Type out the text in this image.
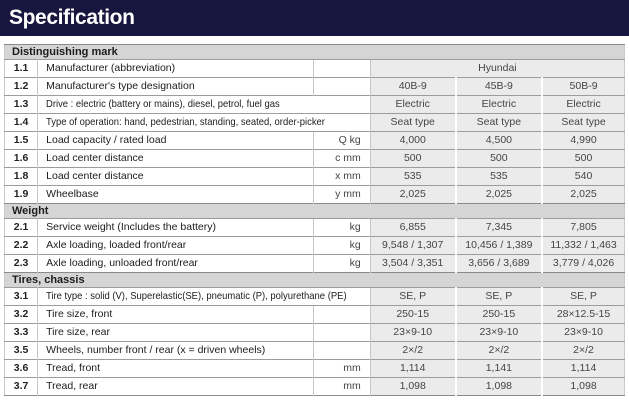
Specification
Distinguishing mark					
1.1	Manufacturer (abbreviation)		Hyundai		
1.2	Manufacturer's type designation		40B-9	45B-9	50B-9
1.3	Drive : electric (battery or mains), diesel, petrol, fuel gas		Electric	Electric	Electric
1.4	Type of operation: hand, pedestrian, standing, seated, order-picker		Seat type	Seat type	Seat type
1.5	Load capacity / rated load	Q kg	4,000	4,500	4,990
1.6	Load center distance	c mm	500	500	500
1.8	Load center distance	x mm	535	535	540
1.9	Wheelbase	y mm	2,025	2,025	2,025
Weight					
2.1	Service weight (Includes the battery)	kg	6,855	7,345	7,805
2.2	Axle loading, loaded front/rear	kg	9,548 / 1,307	10,456 / 1,389	11,332 / 1,463
2.3	Axle loading, unloaded front/rear	kg	3,504 / 3,351	3,656 / 3,689	3,779 / 4,026
Tires, chassis					
3.1	Tire type : solid (V), Superelastic(SE), pneumatic (P), polyurethane (PE)		SE, P	SE, P	SE, P
3.2	Tire size, front		250-15	250-15	28×12.5-15
3.3	Tire size, rear		23×9-10	23×9-10	23×9-10
3.5	Wheels, number front / rear (x = driven wheels)		2×/2	2×/2	2×/2
3.6	Tread, front	mm	1,114	1,141	1,114
3.7	Tread, rear	mm	1,098	1,098	1,098
